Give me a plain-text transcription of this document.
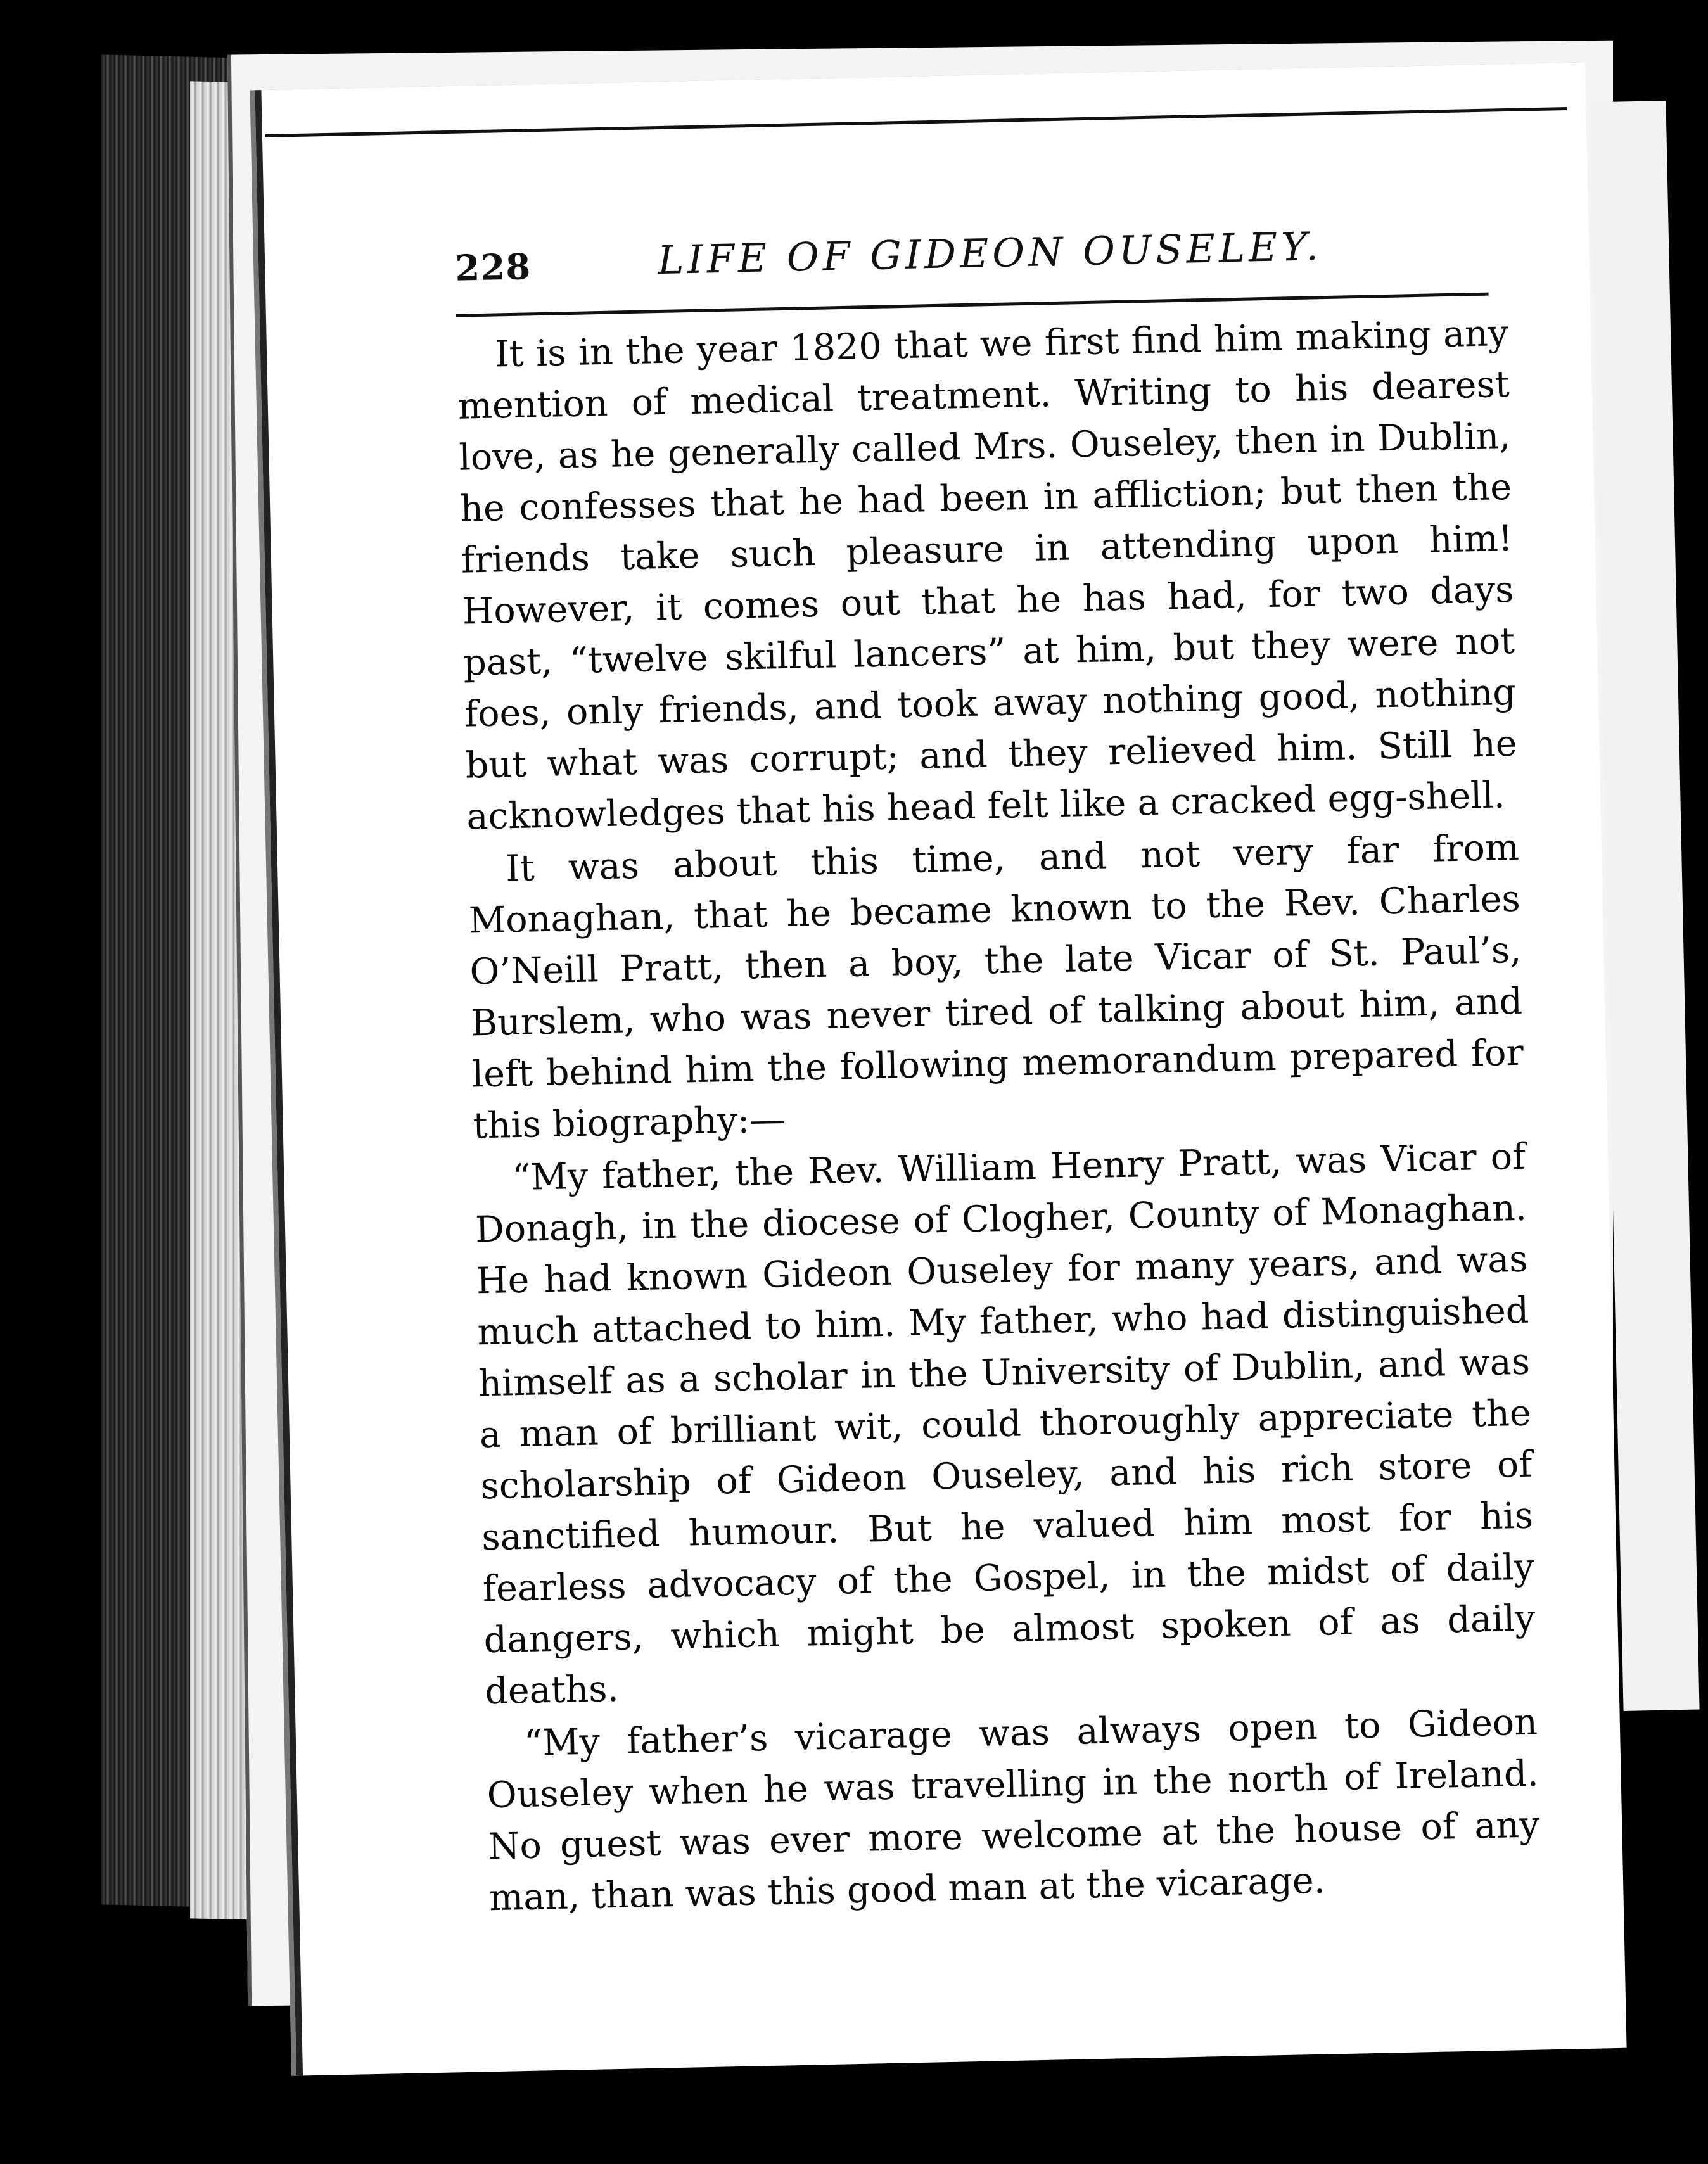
228	LIFE OF GIDEON OUSELEY.

It is in the year 1820 that we first find him making any mention of medical treatment. Writing to his dearest love, as he generally called Mrs. Ouseley, then in Dublin, he confesses that he had been in affliction; but then the friends take such pleasure in attending upon him! However, it comes out that he has had, for two days past, “twelve skilful lancers” at him, but they were not foes, only friends, and took away nothing good, nothing but what was corrupt; and they relieved him. Still he acknowledges that his head felt like a cracked egg-shell.

It was about this time, and not very far from Monaghan, that he became known to the Rev. Charles O’Neill Pratt, then a boy, the late Vicar of St. Paul’s, Burslem, who was never tired of talking about him, and left behind him the following memorandum prepared for this biography:—

“My father, the Rev. William Henry Pratt, was Vicar of Donagh, in the diocese of Clogher, County of Monaghan. He had known Gideon Ouseley for many years, and was much attached to him. My father, who had distinguished himself as a scholar in the University of Dublin, and was a man of brilliant wit, could thoroughly appreciate the scholarship of Gideon Ouseley, and his rich store of sanctified humour. But he valued him most for his fearless advocacy of the Gospel, in the midst of daily dangers, which might be almost spoken of as daily deaths.

“My father’s vicarage was always open to Gideon Ouseley when he was travelling in the north of Ireland. No guest was ever more welcome at the house of any man, than was this good man at the vicarage.
